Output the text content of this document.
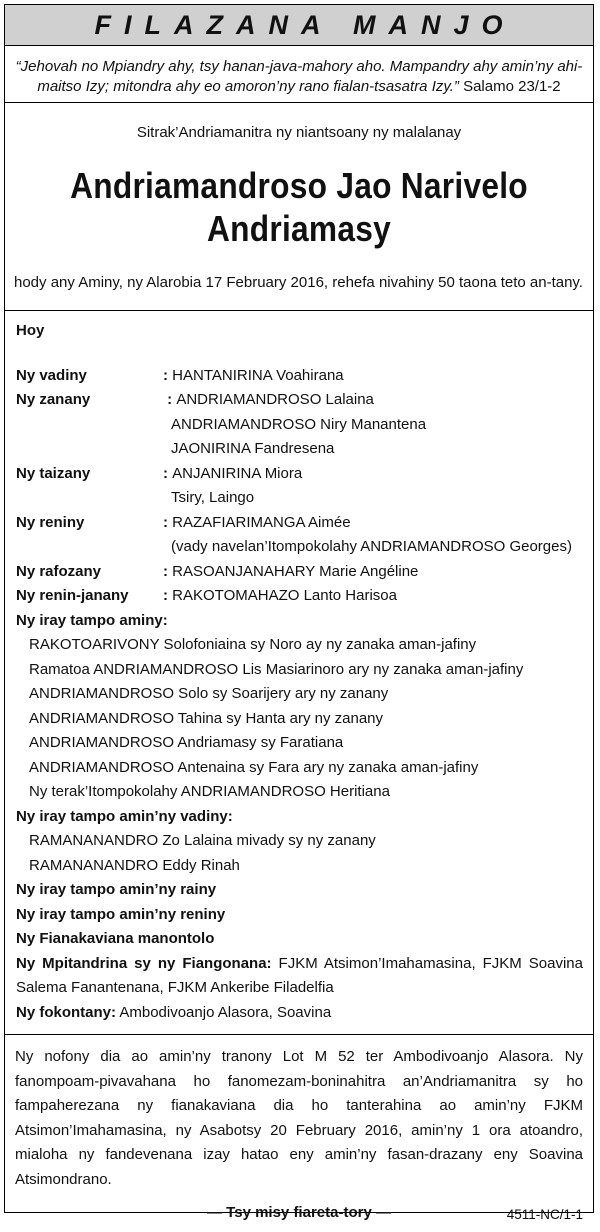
FILAZANA MANJO
“Jehovah no Mpiandry ahy, tsy hanan-java-mahory aho. Mampandry ahy amin’ny ahi-maitso Izy; mitondra ahy eo amoron’ny rano fialan-tsasatra Izy.” Salamo 23/1-2
Sitrak’Andriamanitra ny niantsoany ny malalanay
Andriamandroso Jao Narivelo
Andriamasy
hody any Aminy, ny Alarobia 17 February 2016, rehefa nivahiny 50 taona teto an-tany.
Hoy
Ny vadiny	: HANTANIRINA Voahirana
Ny zanany	: ANDRIAMANDROSO Lalaina
ANDRIAMANDROSO Niry Manantena
JAONIRINA Fandresena
Ny taizany	: ANJANIRINA Miora
Tsiry, Laingo
Ny reniny	: RAZAFIARIMANGA Aimée
(vady navelan’Itompokolahy ANDRIAMANDROSO Georges)
Ny rafozany	: RASOANJANAHARY Marie Angéline
Ny renin-janany	: RAKOTOMAHAZO Lanto Harisoa
Ny iray tampo aminy:
RAKOTOARIVONY Solofoniaina sy Noro ay ny zanaka aman-jafiny
Ramatoa ANDRIAMANDROSO Lis Masiarinoro ary ny zanaka aman-jafiny
ANDRIAMANDROSO Solo sy Soarijery ary ny zanany
ANDRIAMANDROSO Tahina sy Hanta ary ny zanany
ANDRIAMANDROSO Andriamasy sy Faratiana
ANDRIAMANDROSO Antenaina sy Fara ary ny zanaka aman-jafiny
Ny terak’Itompokolahy ANDRIAMANDROSO Heritiana
Ny iray tampo amin’ny vadiny:
RAMANANANDRO Zo Lalaina mivady sy ny zanany
RAMANANANDRO Eddy Rinah
Ny iray tampo amin’ny rainy
Ny iray tampo amin’ny reniny
Ny Fianakaviana manontolo
Ny Mpitandrina sy ny Fiangonana: FJKM Atsimon’Imahamasina, FJKM Soavina Salema Fanantenana, FJKM Ankeribe Filadelfia
Ny fokontany: Ambodivoanjo Alasora, Soavina
Ny nofony dia ao amin’ny tranony Lot M 52 ter Ambodivoanjo Alasora. Ny fanompoam-pivavahana ho fanomezam-boninahitra an’Andriamanitra sy ho fampaherezana ny fianakaviana dia ho tanterahina ao amin’ny FJKM Atsimon’Imahamasina, ny Asabotsy 20 February 2016, amin’ny 1 ora atoandro, mialoha ny fandevenana izay hatao eny amin’ny fasan-drazany eny Soavina Atsimondrano.
— Tsy misy fiareta-tory —	4511-NC/1-1
